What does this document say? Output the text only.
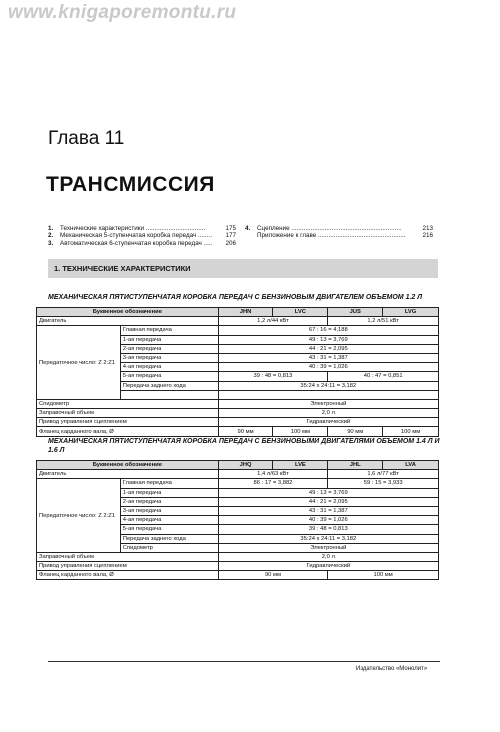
www.knigaporemontu.ru
Глава 11
ТРАНСМИССИЯ
1.	Технические характеристики ..................................	175
2.	Механическая 5-ступенчатая коробка передач ........	177
3.	Автоматическая 6-ступенчатая коробка передач .....	206
4.	Сцепление ...............................................................	213
Приложение к главе ..................................................	216
1. ТЕХНИЧЕСКИЕ ХАРАКТЕРИСТИКИ
МЕХАНИЧЕСКАЯ ПЯТИСТУПЕНЧАТАЯ КОРОБКА ПЕРЕДАЧ С БЕНЗИНОВЫМ ДВИГАТЕЛЕМ ОБЪЕМОМ 1.2 Л
Буквенное обозначение		JHN	LVC	JUS	LVG
Двигатель		1,2 л/44 кВт		1,2 л/51 кВт	
Передаточное число: Z 2:Z1	Главная передача	67 : 16 = 4,188			
	1-ая передача	49 : 13 = 3,769			
	2-ая передача	44 : 21 = 2,095			
	3-ая передача	43 : 31 = 1,387			
	4-ая передача	40 : 39 = 1,026			
	5-ая передача	39 : 48 = 0,813		40 : 47 = 0,851	
	Передача заднего хода	35:24 x 24:11 = 3,182			

Спидометр		Электронный			
Заправочный объем		2,0 л			
Привод управления сцеплением		Гидравлический			
Фланец карданного вала, Ø		90 мм	100 мм	90 мм	100 мм
МЕХАНИЧЕСКАЯ ПЯТИСТУПЕНЧАТАЯ КОРОБКА ПЕРЕДАЧ С БЕНЗИНОВЫМИ ДВИГАТЕЛЯМИ ОБЪЕМОМ 1.4 Л И 1.6 Л
Буквенное обозначение		JHQ	LVE	JHL	LVA
Двигатель		1,4 л/63 кВт		1,6 л/77 кВт	
Передаточное число: Z 2:Z1	Главная передача	86 : 17 = 3,882		59 : 15 = 3,933	
	1-ая передача	49 : 13 = 3,769			
	2-ая передача	44 : 21 = 2,095			
	3-ая передача	43 : 31 = 1,387			
	4-ая передача	40 : 39 = 1,026			
	5-ая передача	39 : 48 = 0,813			
	Передача заднего хода	35:24 x 24:11 = 3,182			
	Спидометр	Электронный			
Заправочный объем		2,0 л			
Привод управления сцеплением		Гидравлический			
Фланец карданного вала, Ø		90 мм		100 мм	
Издательство «Монолит»
